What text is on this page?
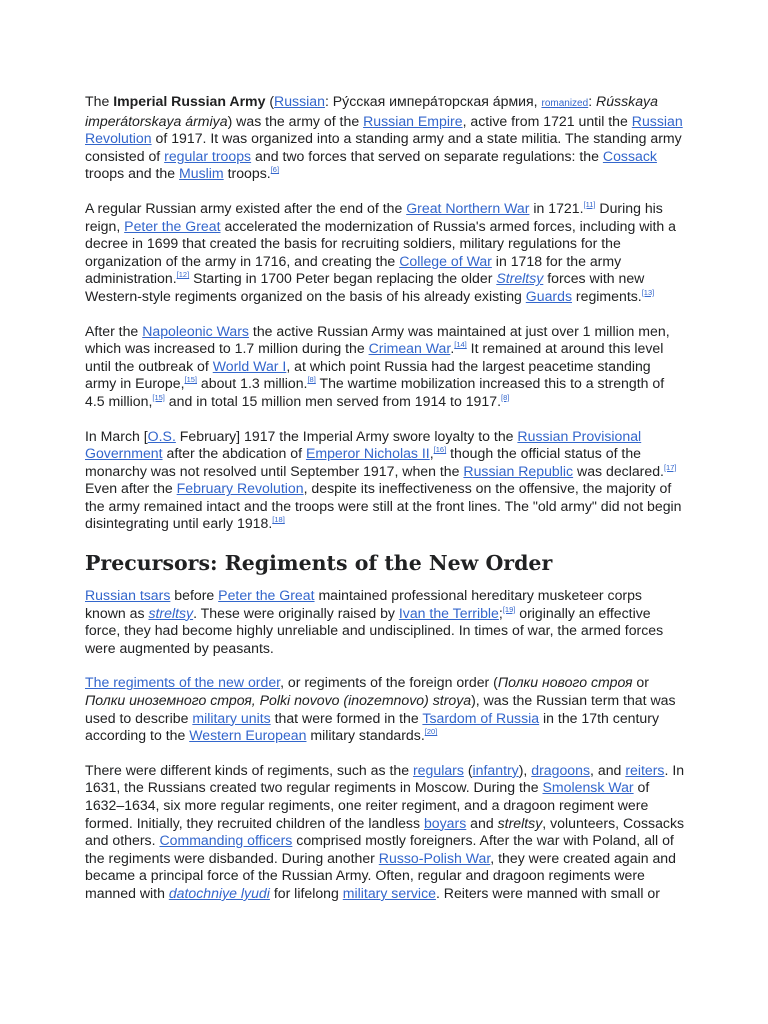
The Imperial Russian Army (Russian: Ру́сская импера́торская а́рмия, romanized: Rússkaya imperátorskaya ármiya) was the army of the Russian Empire, active from 1721 until the Russian Revolution of 1917. It was organized into a standing army and a state militia. The standing army consisted of regular troops and two forces that served on separate regulations: the Cossack troops and the Muslim troops.[6]

A regular Russian army existed after the end of the Great Northern War in 1721.[11] During his reign, Peter the Great accelerated the modernization of Russia's armed forces, including with a decree in 1699 that created the basis for recruiting soldiers, military regulations for the organization of the army in 1716, and creating the College of War in 1718 for the army administration.[12] Starting in 1700 Peter began replacing the older Streltsy forces with new Western-style regiments organized on the basis of his already existing Guards regiments.[13]

After the Napoleonic Wars the active Russian Army was maintained at just over 1 million men, which was increased to 1.7 million during the Crimean War.[14] It remained at around this level until the outbreak of World War I, at which point Russia had the largest peacetime standing army in Europe,[15] about 1.3 million.[8] The wartime mobilization increased this to a strength of 4.5 million,[15] and in total 15 million men served from 1914 to 1917.[8]

In March [O.S. February] 1917 the Imperial Army swore loyalty to the Russian Provisional Government after the abdication of Emperor Nicholas II,[16] though the official status of the monarchy was not resolved until September 1917, when the Russian Republic was declared.[17] Even after the February Revolution, despite its ineffectiveness on the offensive, the majority of the army remained intact and the troops were still at the front lines. The "old army" did not begin disintegrating until early 1918.[18]

Precursors: Regiments of the New Order

Russian tsars before Peter the Great maintained professional hereditary musketeer corps known as streltsy. These were originally raised by Ivan the Terrible;[19] originally an effective force, they had become highly unreliable and undisciplined. In times of war, the armed forces were augmented by peasants.

The regiments of the new order, or regiments of the foreign order (Полки нового строя or Полки иноземного строя, Polki novovo (inozemnovo) stroya), was the Russian term that was used to describe military units that were formed in the Tsardom of Russia in the 17th century according to the Western European military standards.[20]

There were different kinds of regiments, such as the regulars (infantry), dragoons, and reiters. In 1631, the Russians created two regular regiments in Moscow. During the Smolensk War of 1632–1634, six more regular regiments, one reiter regiment, and a dragoon regiment were formed. Initially, they recruited children of the landless boyars and streltsy, volunteers, Cossacks and others. Commanding officers comprised mostly foreigners. After the war with Poland, all of the regiments were disbanded. During another Russo-Polish War, they were created again and became a principal force of the Russian Army. Often, regular and dragoon regiments were manned with datochniye lyudi for lifelong military service. Reiters were manned with small or
